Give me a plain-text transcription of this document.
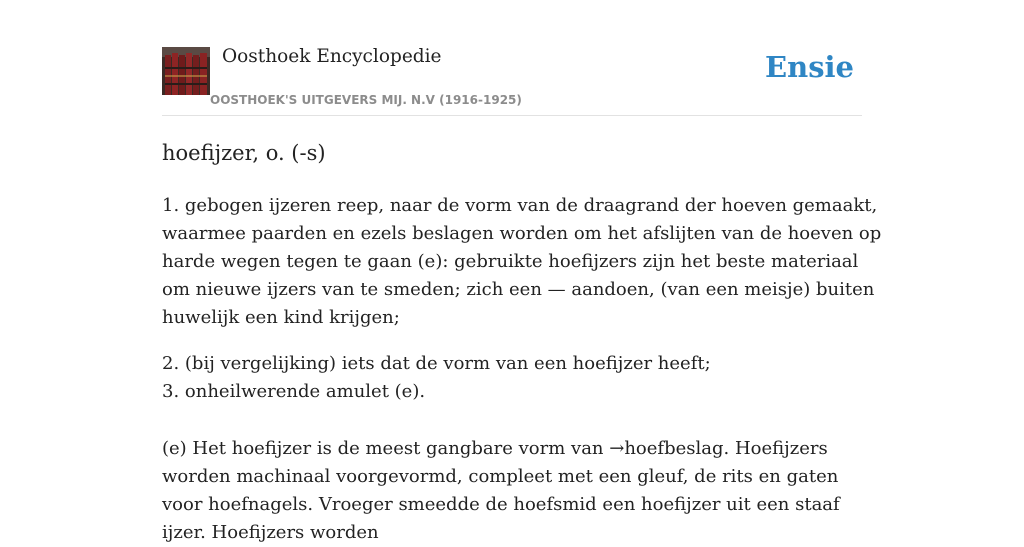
Oosthoek Encyclopedie
OOSTHOEK'S UITGEVERS MIJ. N.V (1916-1925)
Ensie
hoefijzer, o. (-s)

1. gebogen ijzeren reep, naar de vorm van de draagrand der hoeven gemaakt, waarmee paarden en ezels beslagen worden om het afslijten van de hoeven op harde wegen tegen te gaan (e): gebruikte hoefijzers zijn het beste materiaal om nieuwe ijzers van te smeden; zich een — aandoen, (van een meisje) buiten huwelijk een kind krijgen;

2. (bij vergelijking) iets dat de vorm van een hoefijzer heeft;
3. onheilwerende amulet (e).

(e) Het hoefijzer is de meest gangbare vorm van →hoefbeslag. Hoefijzers worden machinaal voorgevormd, compleet met een gleuf, de rits en gaten voor hoefnagels. Vroeger smeedde de hoefsmid een hoefijzer uit een staaf ijzer. Hoefijzers worden
